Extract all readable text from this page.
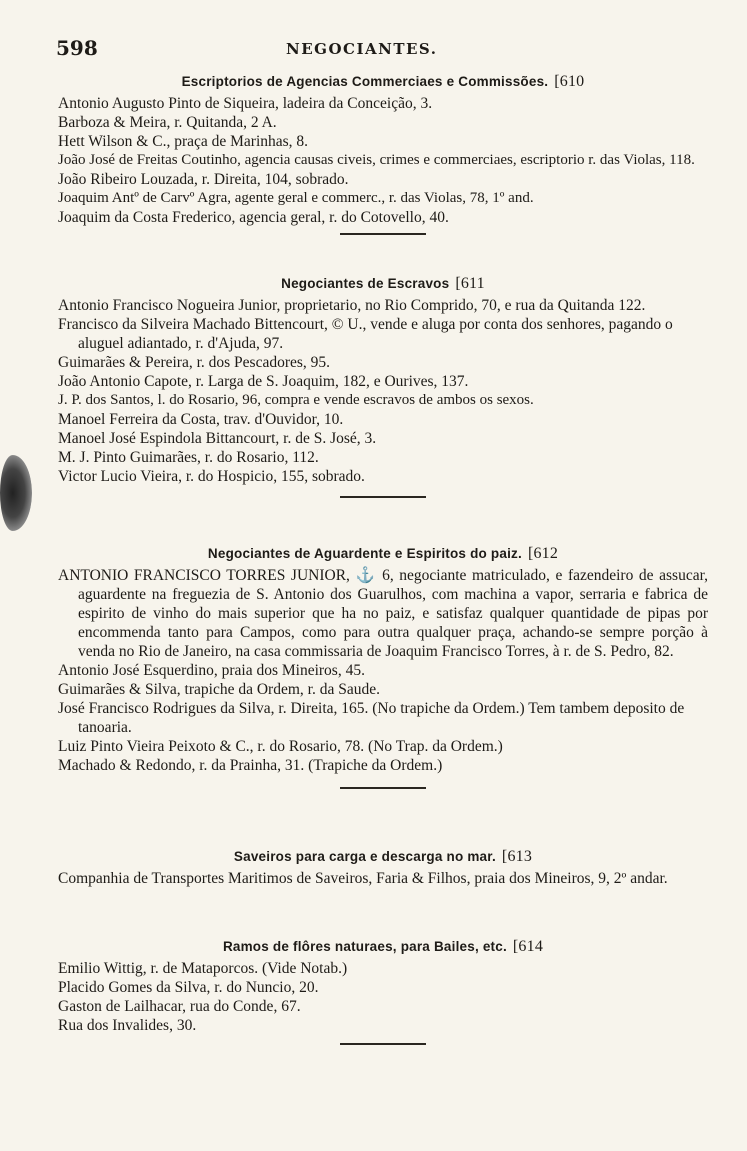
598	NEGOCIANTES.
Escriptorios de Agencias Commerciaes e Commissões. [610

Antonio Augusto Pinto de Siqueira, ladeira da Conceição, 3.

Barboza & Meira, r. Quitanda, 2 A.

Hett Wilson & C., praça de Marinhas, 8.

João José de Freitas Coutinho, agencia causas civeis, crimes e commerciaes, escriptorio r. das Violas, 118.

João Ribeiro Louzada, r. Direita, 104, sobrado.

Joaquim Antº de Carvº Agra, agente geral e commerc., r. das Violas, 78, 1º and.

Joaquim da Costa Frederico, agencia geral, r. do Cotovello, 40.

Negociantes de Escravos [611

Antonio Francisco Nogueira Junior, proprietario, no Rio Comprido, 70, e rua da Quitanda 122.

Francisco da Silveira Machado Bittencourt, © U., vende e aluga por conta dos senhores, pagando o aluguel adiantado, r. d'Ajuda, 97.

Guimarães & Pereira, r. dos Pescadores, 95.

João Antonio Capote, r. Larga de S. Joaquim, 182, e Ourives, 137.

J. P. dos Santos, l. do Rosario, 96, compra e vende escravos de ambos os sexos.

Manoel Ferreira da Costa, trav. d'Ouvidor, 10.

Manoel José Espindola Bittancourt, r. de S. José, 3.

M. J. Pinto Guimarães, r. do Rosario, 112.

Victor Lucio Vieira, r. do Hospicio, 155, sobrado.

Negociantes de Aguardente e Espiritos do paiz. [612

ANTONIO FRANCISCO TORRES JUNIOR, ⚓ 6, negociante matriculado, e fazendeiro de assucar, aguardente na freguezia de S. Antonio dos Guarulhos, com machina a vapor, serraria e fabrica de espirito de vinho do mais superior que ha no paiz, e satisfaz qualquer quantidade de pipas por encommenda tanto para Campos, como para outra qualquer praça, achando-se sempre porção à venda no Rio de Janeiro, na casa commissaria de Joaquim Francisco Torres, à r. de S. Pedro, 82.

Antonio José Esquerdino, praia dos Mineiros, 45.

Guimarães & Silva, trapiche da Ordem, r. da Saude.

José Francisco Rodrigues da Silva, r. Direita, 165. (No trapiche da Ordem.) Tem tambem deposito de tanoaria.

Luiz Pinto Vieira Peixoto & C., r. do Rosario, 78. (No Trap. da Ordem.)

Machado & Redondo, r. da Prainha, 31. (Trapiche da Ordem.)

Saveiros para carga e descarga no mar. [613

Companhia de Transportes Maritimos de Saveiros, Faria & Filhos, praia dos Mineiros, 9, 2º andar.

Ramos de flôres naturaes, para Bailes, etc. [614

Emilio Wittig, r. de Mataporcos. (Vide Notab.)

Placido Gomes da Silva, r. do Nuncio, 20.

Gaston de Lailhacar, rua do Conde, 67.

Rua dos Invalides, 30.
